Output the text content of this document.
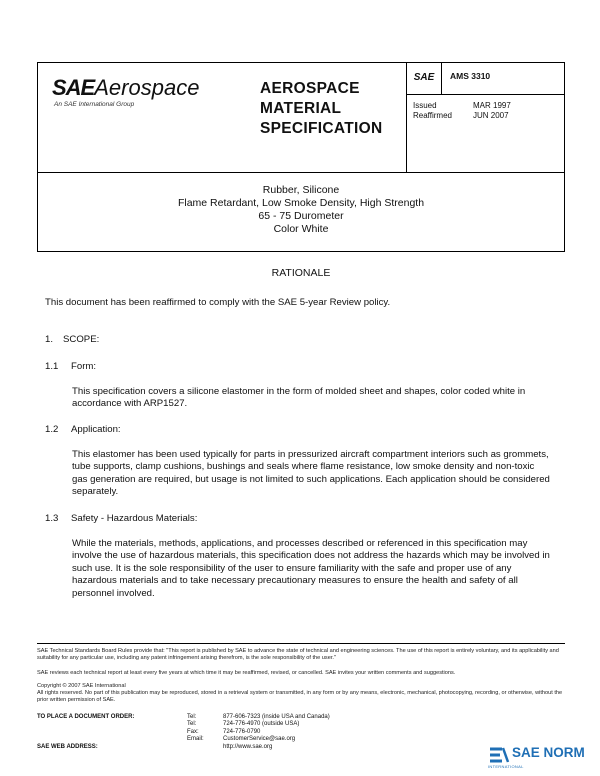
SAEAerospace
An SAE International Group
AEROSPACE
MATERIAL
SPECIFICATION
SAE	AMS 3310
Issued	MAR 1997
Reaffirmed	JUN 2007
Rubber, Silicone
Flame Retardant, Low Smoke Density, High Strength
65 - 75 Durometer
Color White
RATIONALE
This document has been reaffirmed to comply with the SAE 5-year Review policy.
1. SCOPE:
1.1 Form:
This specification covers a silicone elastomer in the form of molded sheet and shapes, color coded white in accordance with ARP1527.
1.2 Application:
This elastomer has been used typically for parts in pressurized aircraft compartment interiors such as grommets, tube supports, clamp cushions, bushings and seals where flame resistance, low smoke density and non-toxic gas generation are required, but usage is not limited to such applications. Each application should be considered separately.
1.3 Safety - Hazardous Materials:
While the materials, methods, applications, and processes described or referenced in this specification may involve the use of hazardous materials, this specification does not address the hazards which may be involved in such use. It is the sole responsibility of the user to ensure familiarity with the safe and proper use of any hazardous materials and to take necessary precautionary measures to ensure the health and safety of all personnel involved.
SAE Technical Standards Board Rules provide that: "This report is published by SAE to advance the state of technical and engineering sciences. The use of this report is entirely voluntary, and its applicability and suitability for any particular use, including any patent infringement arising therefrom, is the sole responsibility of the user."
SAE reviews each technical report at least every five years at which time it may be reaffirmed, revised, or cancelled. SAE invites your written comments and suggestions.
Copyright © 2007 SAE International
All rights reserved. No part of this publication may be reproduced, stored in a retrieval system or transmitted, in any form or by any means, electronic, mechanical, photocopying, recording, or otherwise, without the prior written permission of SAE.
TO PLACE A DOCUMENT ORDER:	Tel:	877-606-7323 (inside USA and Canada)
Tel:	724-776-4970 (outside USA)
Fax:	724-776-0790
Email:	CustomerService@sae.org
SAE WEB ADDRESS:	http://www.sae.org	SAE NORM
INTERNATIONAL
